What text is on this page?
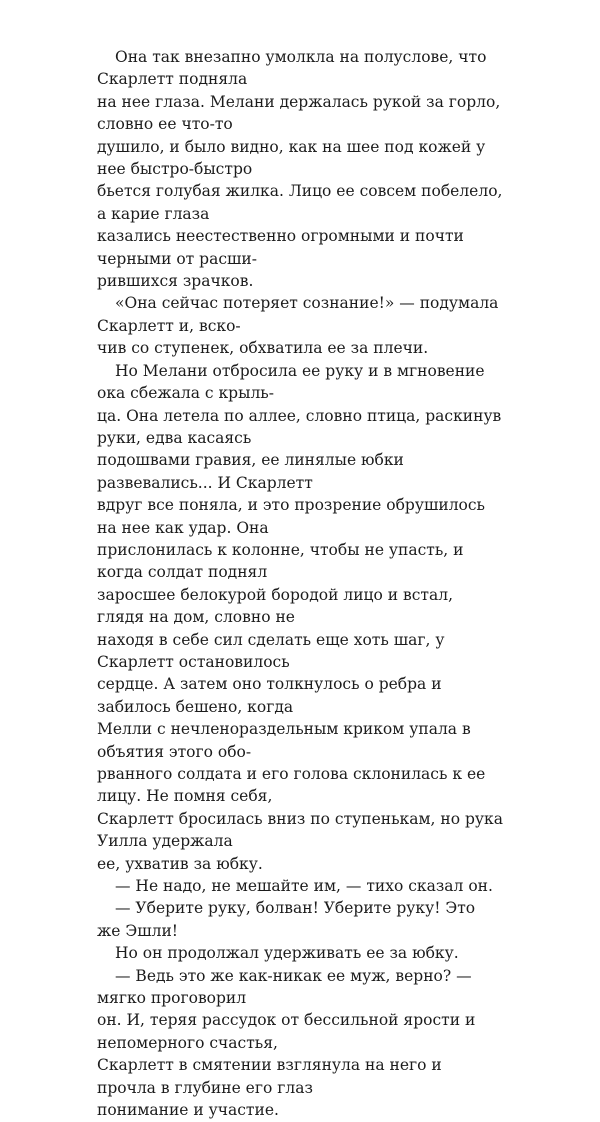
Она так внезапно умолкла на полуслове, что Скарлетт подняла
на нее глаза. Мелани держалась рукой за горло, словно ее что-то
душило, и было видно, как на шее под кожей у нее быстро-быстро
бьется голубая жилка. Лицо ее совсем побелело, а карие глаза
казались неестественно огромными и почти черными от расши-
рившихся зрачков.

«Она сейчас потеряет сознание!» — подумала Скарлетт и, вско-
чив со ступенек, обхватила ее за плечи.

Но Мелани отбросила ее руку и в мгновение ока сбежала с крыль-
ца. Она летела по аллее, словно птица, раскинув руки, едва касаясь
подошвами гравия, ее линялые юбки развевались... И Скарлетт
вдруг все поняла, и это прозрение обрушилось на нее как удар. Она
прислонилась к колонне, чтобы не упасть, и когда солдат поднял
заросшее белокурой бородой лицо и встал, глядя на дом, словно не
находя в себе сил сделать еще хоть шаг, у Скарлетт остановилось
сердце. А затем оно толкнулось о ребра и забилось бешено, когда
Мелли с нечленораздельным криком упала в объятия этого обо-
рванного солдата и его голова склонилась к ее лицу. Не помня себя,
Скарлетт бросилась вниз по ступенькам, но рука Уилла удержала
ее, ухватив за юбку.

— Не надо, не мешайте им, — тихо сказал он.

— Уберите руку, болван! Уберите руку! Это же Эшли!

Но он продолжал удерживать ее за юбку.

— Ведь это же как-никак ее муж, верно? — мягко проговорил
он. И, теряя рассудок от бессильной ярости и непомерного счастья,
Скарлетт в смятении взглянула на него и прочла в глубине его глаз
понимание и участие.
